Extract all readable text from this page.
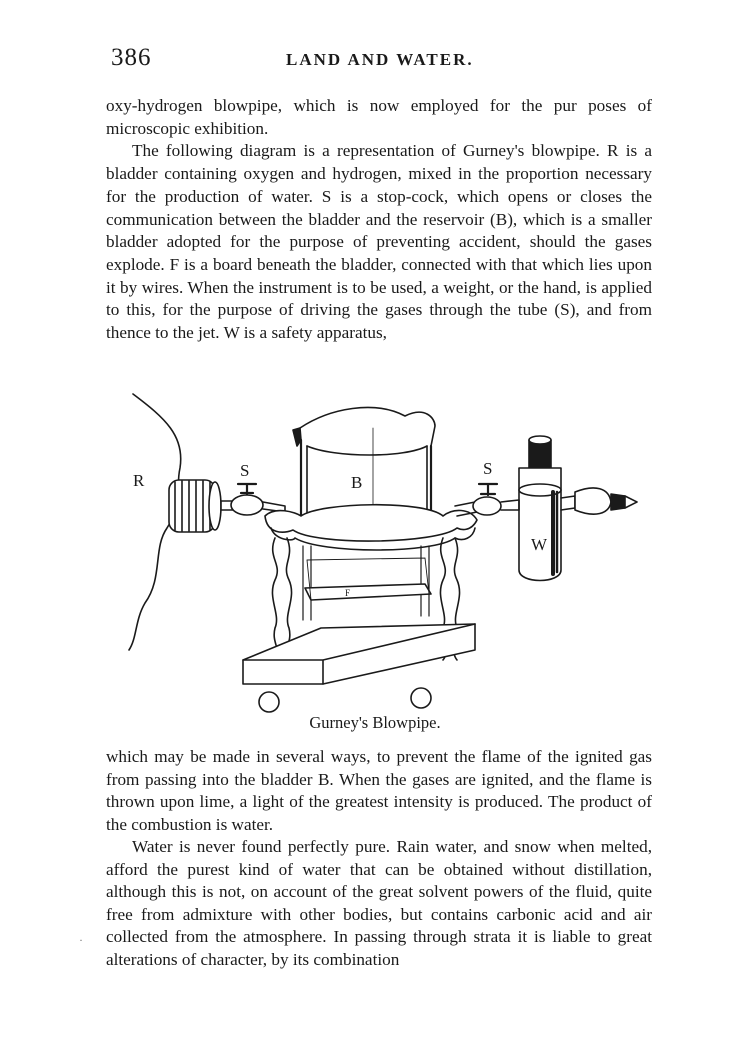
386	LAND AND WATER.

oxy-hydrogen blowpipe, which is now employed for the pur poses of microscopic exhibition.

The following diagram is a representation of Gurney's blowpipe. R is a bladder containing oxygen and hydrogen, mixed in the proportion necessary for the production of water. S is a stop-cock, which opens or closes the communication between the bladder and the reservoir (B), which is a smaller bladder adopted for the purpose of preventing accident, should the gases explode. F is a board beneath the bladder, connected with that which lies upon it by wires. When the instrument is to be used, a weight, or the hand, is applied to this, for the purpose of driving the gases through the tube (S), and from thence to the jet. W is a safety apparatus,

R
S
B
S
W
F
Gurney's Blowpipe.

which may be made in several ways, to prevent the flame of the ignited gas from passing into the bladder B. When the gases are ignited, and the flame is thrown upon lime, a light of the greatest intensity is produced. The product of the combustion is water.

Water is never found perfectly pure. Rain water, and snow when melted, afford the purest kind of water that can be obtained without distillation, although this is not, on account of the great solvent powers of the fluid, quite free from admixture with other bodies, but contains carbonic acid and air collected from the atmosphere. In passing through strata it is liable to great alterations of character, by its combination

·
